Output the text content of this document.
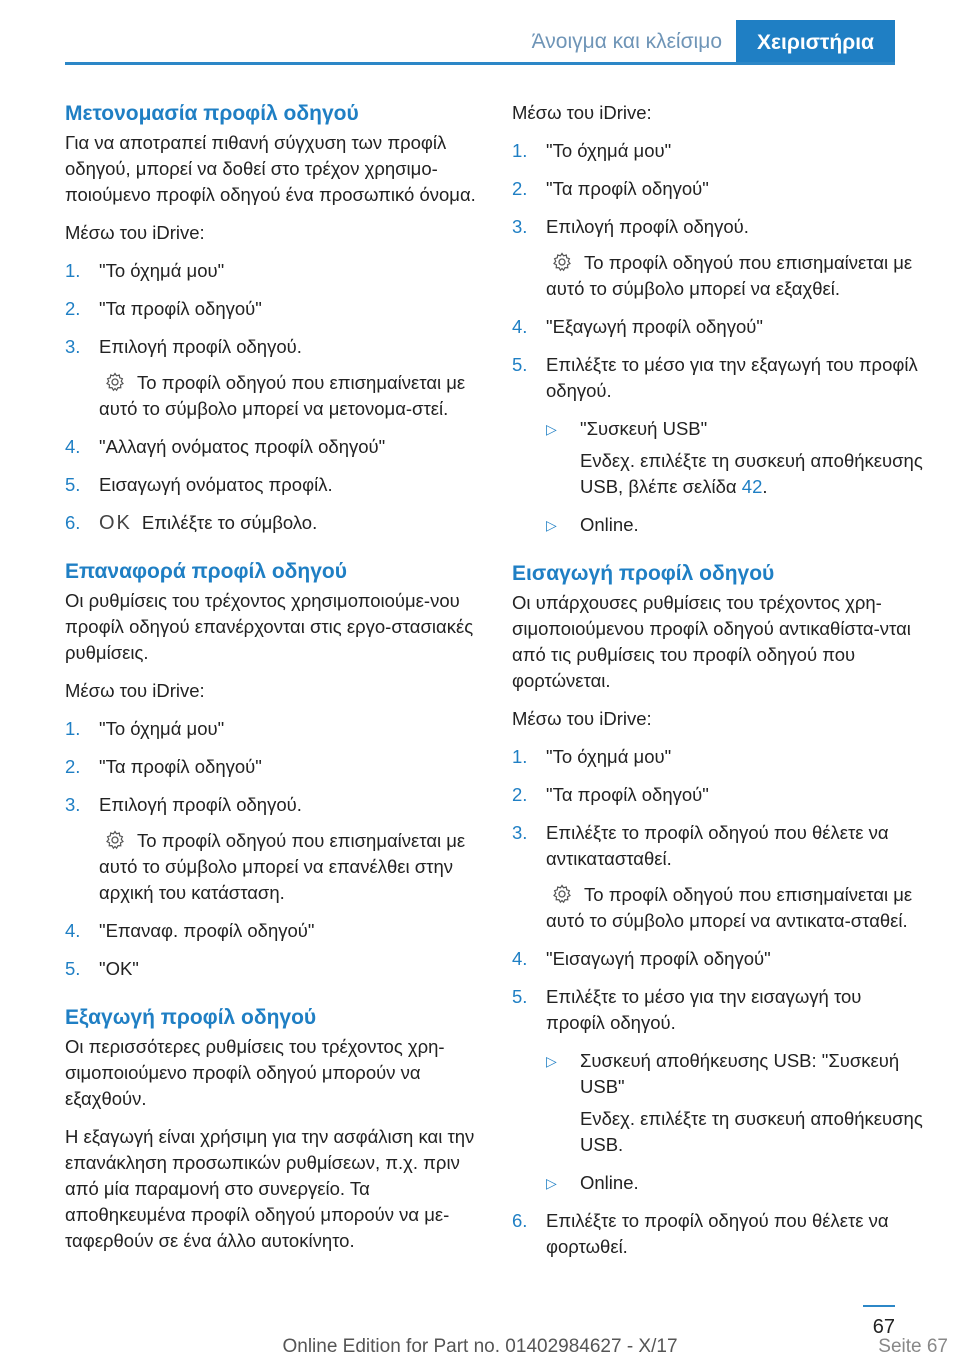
Άνοιγμα και κλείσιμο	Χειριστήρια
Μετονομασία προφίλ οδηγού

Για να αποτραπεί πιθανή σύγχυση των προφίλ οδηγού, μπορεί να δοθεί στο τρέχον χρησιμο-ποιούμενο προφίλ οδηγού ένα προσωπικό όνομα.

Μέσω του iDrive:

1.	"Το όχημά μου"
2.	"Τα προφίλ οδηγού"
3.	Επιλογή προφίλ οδηγού.
Το προφίλ οδηγού που επισημαίνεται με αυτό το σύμβολο μπορεί να μετονομα-στεί.
4.	"Αλλαγή ονόματος προφίλ οδηγού"
5.	Εισαγωγή ονόματος προφίλ.
6. OK Επιλέξτε το σύμβολο.
Επαναφορά προφίλ οδηγού

Οι ρυθμίσεις του τρέχοντος χρησιμοποιούμε-νου προφίλ οδηγού επανέρχονται στις εργο-στασιακές ρυθμίσεις.

Μέσω του iDrive:

1.	"Το όχημά μου"
2.	"Τα προφίλ οδηγού"
3.	Επιλογή προφίλ οδηγού.
Το προφίλ οδηγού που επισημαίνεται με αυτό το σύμβολο μπορεί να επανέλθει στην αρχική του κατάσταση.
4.	"Επαναφ. προφίλ οδηγού"
5.	"OK"
Εξαγωγή προφίλ οδηγού

Οι περισσότερες ρυθμίσεις του τρέχοντος χρη-σιμοποιούμενο προφίλ οδηγού μπορούν να εξαχθούν.

Η εξαγωγή είναι χρήσιμη για την ασφάλιση και την επανάκληση προσωπικών ρυθμίσεων, π.χ. πριν από μία παραμονή στο συνεργείο. Τα αποθηκευμένα προφίλ οδηγού μπορούν να με-ταφερθούν σε ένα άλλο αυτοκίνητο.

Μέσω του iDrive:

1.	"Το όχημά μου"
2.	"Τα προφίλ οδηγού"
3.	Επιλογή προφίλ οδηγού.
Το προφίλ οδηγού που επισημαίνεται με αυτό το σύμβολο μπορεί να εξαχθεί.
4.	"Εξαγωγή προφίλ οδηγού"
5.	Επιλέξτε το μέσο για την εξαγωγή του προφίλ οδηγού.
▷	"Συσκευή USB"
Ενδεχ. επιλέξτε τη συσκευή αποθήκευσης USB, βλέπε σελίδα 42.
▷	Online.
Εισαγωγή προφίλ οδηγού

Οι υπάρχουσες ρυθμίσεις του τρέχοντος χρη-σιμοποιούμενου προφίλ οδηγού αντικαθίστα-νται από τις ρυθμίσεις του προφίλ οδηγού που φορτώνεται.

Μέσω του iDrive:

1.	"Το όχημά μου"
2.	"Τα προφίλ οδηγού"
3.	Επιλέξτε το προφίλ οδηγού που θέλετε να αντικατασταθεί.
Το προφίλ οδηγού που επισημαίνεται με αυτό το σύμβολο μπορεί να αντικατα-σταθεί.
4.	"Εισαγωγή προφίλ οδηγού"
5.	Επιλέξτε το μέσο για την εισαγωγή του προφίλ οδηγού.
▷	Συσκευή αποθήκευσης USB: "Συσκευή USB"
Ενδεχ. επιλέξτε τη συσκευή αποθήκευσης USB.
▷	Online.
6.	Επιλέξτε το προφίλ οδηγού που θέλετε να φορτωθεί.
67
Online Edition for Part no. 01402984627 - X/17	Seite 67
